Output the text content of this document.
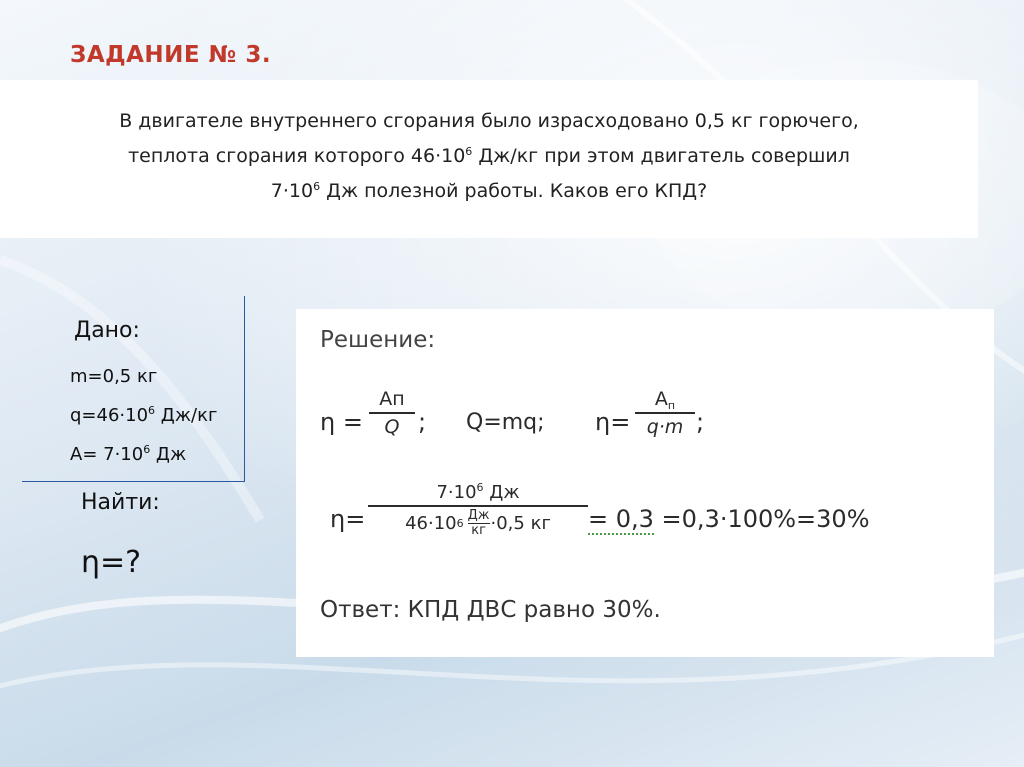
ЗАДАНИЕ № 3.
В двигателе внутреннего сгорания было израсходовано 0,5 кг горючего,
теплота сгорания которого $46\cdot 10^6$ Дж/кг при этом двигатель совершил
$7\cdot 10^6$ Дж полезной работы. Каков его КПД?
Дано:
m=0,5 кг
$q=46\cdot 10^6$ Дж/кг
$A= 7\cdot 10^6$ Дж
Найти:
η=?
Решение:
η =
Ап
Q ; Q=mq; η=
$А_п$
q·m ;
η=
$7\cdot 10^6$ Дж
46·10 6 Дж
кг ·0,5 кг = 0,3 =0,3·100%=30%
Ответ: КПД ДВС равно 30%.
